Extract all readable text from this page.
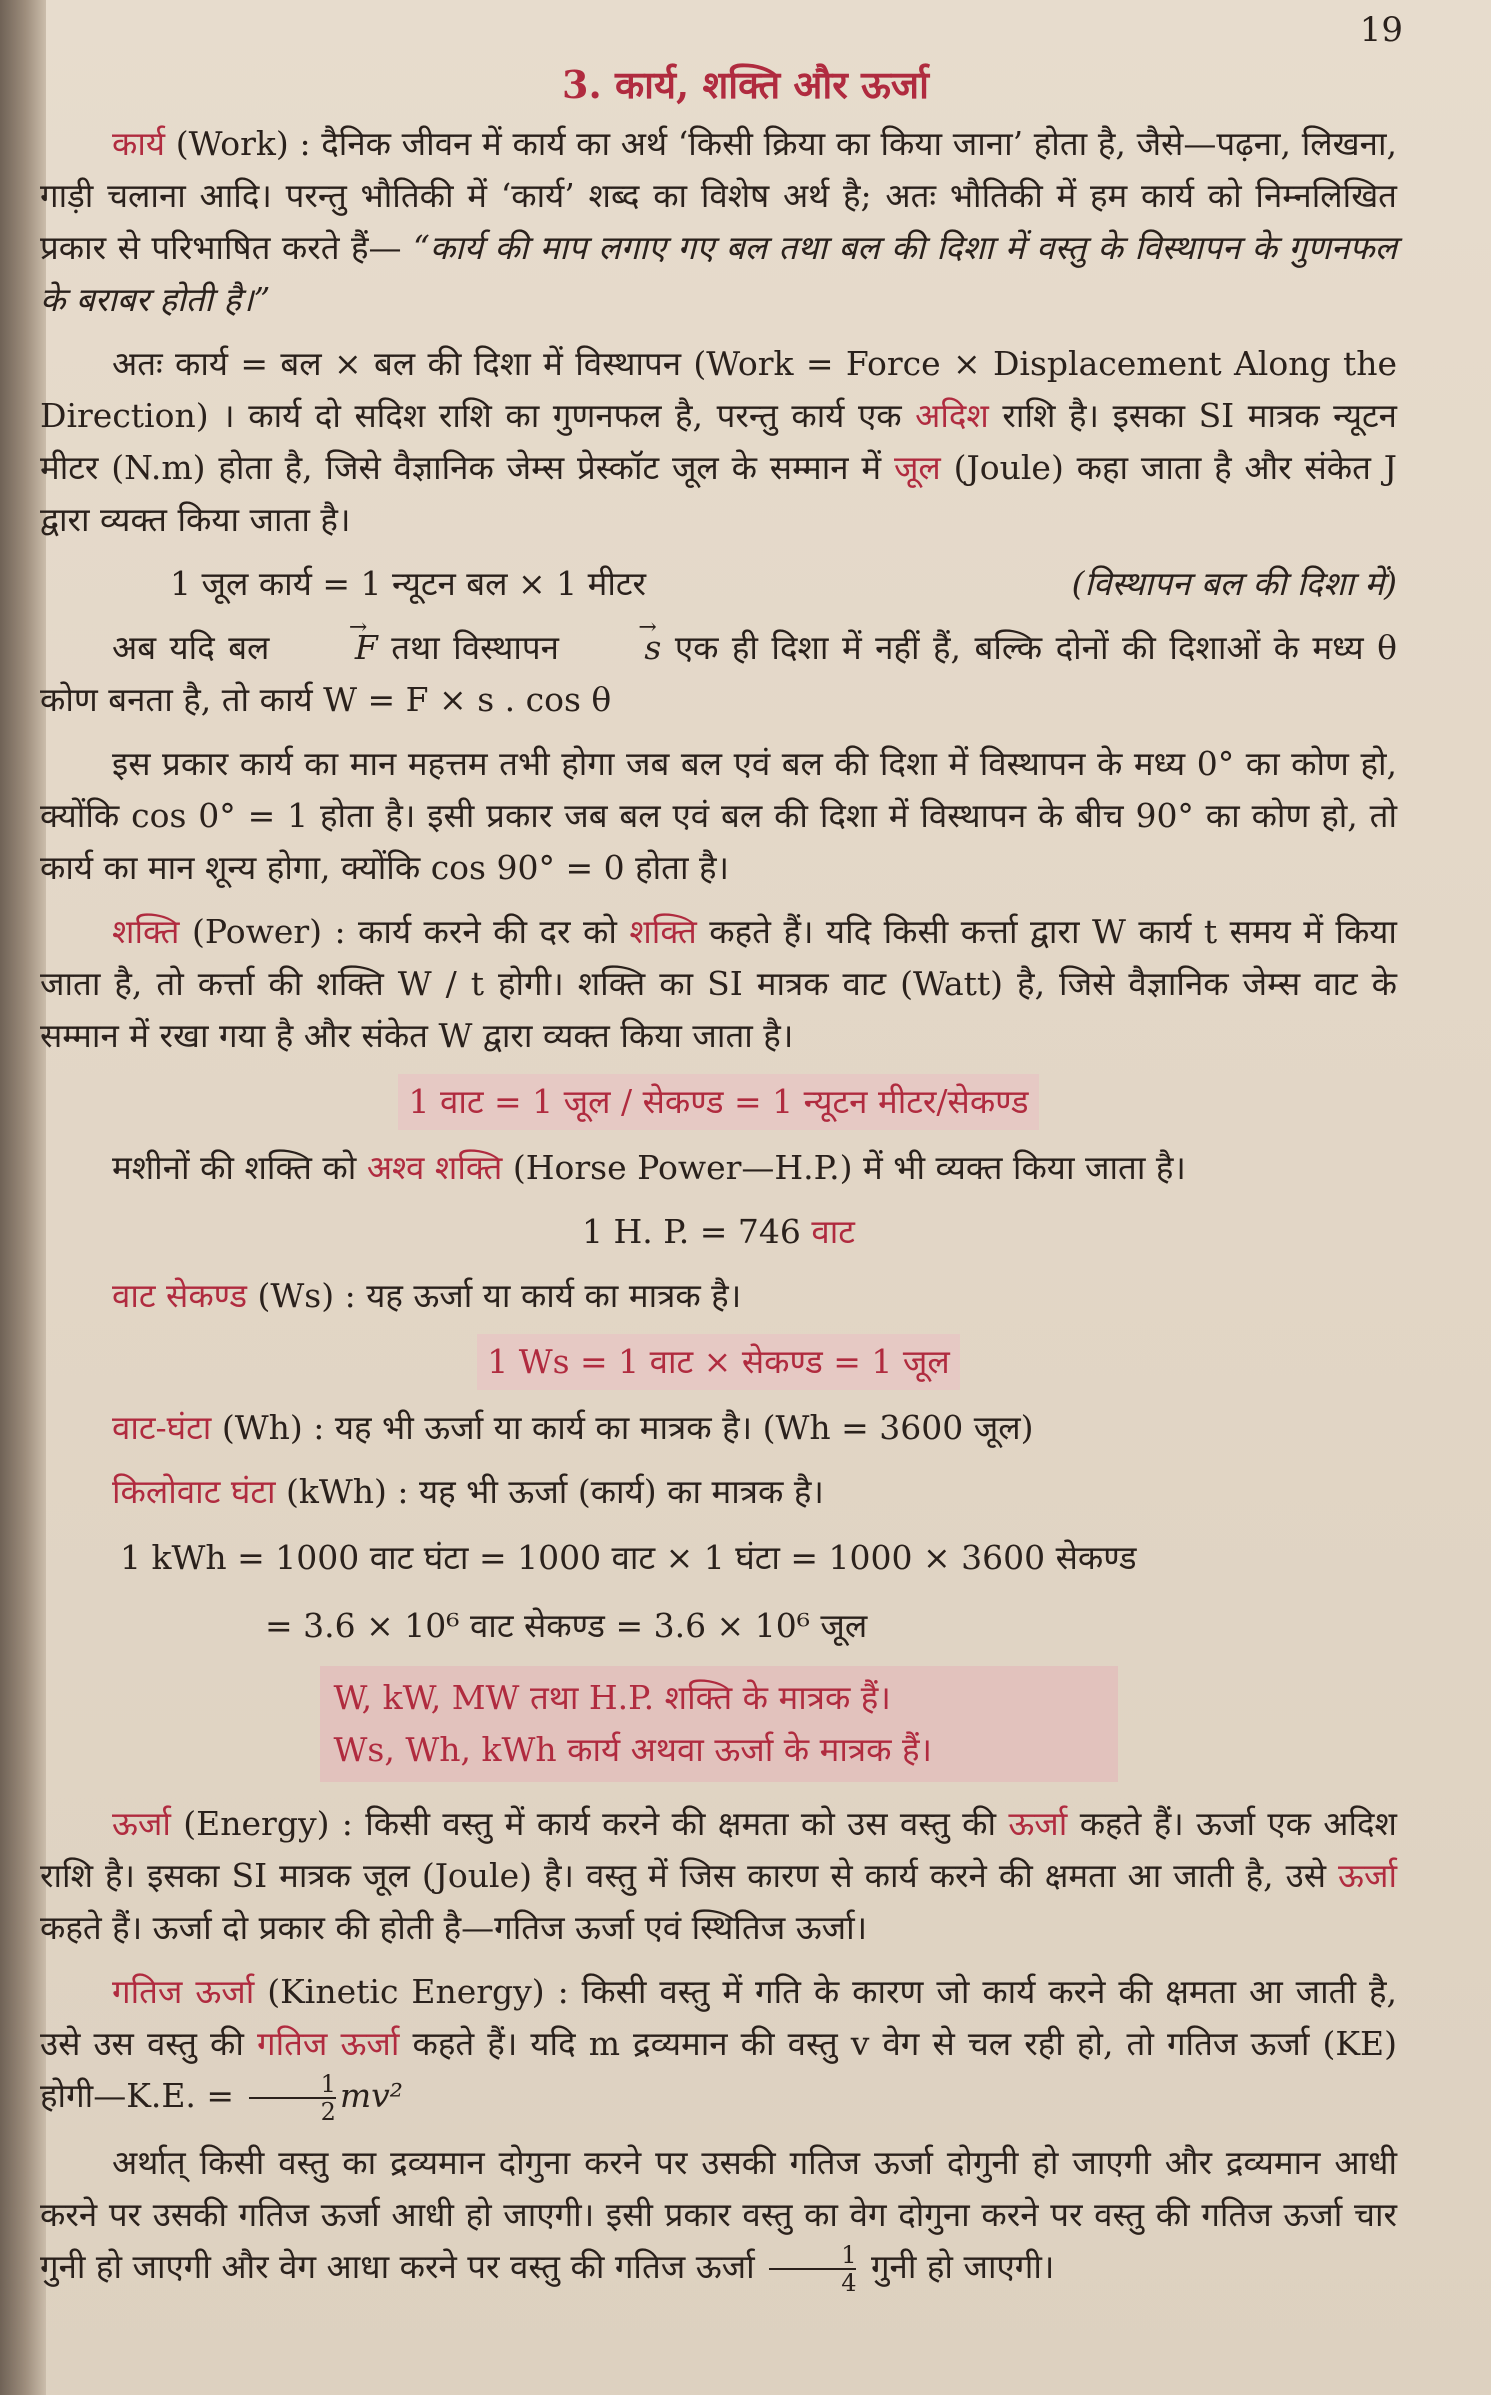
19
3. कार्य, शक्ति और ऊर्जा

कार्य (Work) : दैनिक जीवन में कार्य का अर्थ ‘किसी क्रिया का किया जाना’ होता है, जैसे—पढ़ना, लिखना, गाड़ी चलाना आदि। परन्तु भौतिकी में ‘कार्य’ शब्द का विशेष अर्थ है; अतः भौतिकी में हम कार्य को निम्नलिखित प्रकार से परिभाषित करते हैं— “कार्य की माप लगाए गए बल तथा बल की दिशा में वस्तु के विस्थापन के गुणनफल के बराबर होती है।”

अतः कार्य = बल × बल की दिशा में विस्थापन (Work = Force × Displacement Along the Direction) । कार्य दो सदिश राशि का गुणनफल है, परन्तु कार्य एक अदिश राशि है। इसका SI मात्रक न्यूटन मीटर (N.m) होता है, जिसे वैज्ञानिक जेम्स प्रेस्कॉट जूल के सम्मान में जूल (Joule) कहा जाता है और संकेत J द्वारा व्यक्त किया जाता है।

1 जूल कार्य = 1 न्यूटन बल × 1 मीटर	(विस्थापन बल की दिशा में)

अब यदि बल → F तथा विस्थापन → s एक ही दिशा में नहीं हैं, बल्कि दोनों की दिशाओं के मध्य θ कोण बनता है, तो कार्य W = F × s . cos θ

इस प्रकार कार्य का मान महत्तम तभी होगा जब बल एवं बल की दिशा में विस्थापन के मध्य 0° का कोण हो, क्योंकि cos 0° = 1 होता है। इसी प्रकार जब बल एवं बल की दिशा में विस्थापन के बीच 90° का कोण हो, तो कार्य का मान शून्य होगा, क्योंकि cos 90° = 0 होता है।

शक्ति (Power) : कार्य करने की दर को शक्ति कहते हैं। यदि किसी कर्त्ता द्वारा W कार्य t समय में किया जाता है, तो कर्त्ता की शक्ति W / t होगी। शक्ति का SI मात्रक वाट (Watt) है, जिसे वैज्ञानिक जेम्स वाट के सम्मान में रखा गया है और संकेत W द्वारा व्यक्त किया जाता है।

1 वाट = 1 जूल / सेकण्ड = 1 न्यूटन मीटर/सेकण्ड

मशीनों की शक्ति को अश्व शक्ति (Horse Power—H.P.) में भी व्यक्त किया जाता है।

1 H. P. = 746 वाट

वाट सेकण्ड (Ws) : यह ऊर्जा या कार्य का मात्रक है।

1 Ws = 1 वाट × सेकण्ड = 1 जूल

वाट-घंटा (Wh) : यह भी ऊर्जा या कार्य का मात्रक है। (Wh = 3600 जूल)

किलोवाट घंटा (kWh) : यह भी ऊर्जा (कार्य) का मात्रक है।

1 kWh = 1000 वाट घंटा = 1000 वाट × 1 घंटा = 1000 × 3600 सेकण्ड
= 3.6 × 10⁶ वाट सेकण्ड = 3.6 × 10⁶ जूल
W, kW, MW तथा H.P. शक्ति के मात्रक हैं।
Ws, Wh, kWh कार्य अथवा ऊर्जा के मात्रक हैं।

ऊर्जा (Energy) : किसी वस्तु में कार्य करने की क्षमता को उस वस्तु की ऊर्जा कहते हैं। ऊर्जा एक अदिश राशि है। इसका SI मात्रक जूल (Joule) है। वस्तु में जिस कारण से कार्य करने की क्षमता आ जाती है, उसे ऊर्जा कहते हैं। ऊर्जा दो प्रकार की होती है—गतिज ऊर्जा एवं स्थितिज ऊर्जा।

गतिज ऊर्जा (Kinetic Energy) : किसी वस्तु में गति के कारण जो कार्य करने की क्षमता आ जाती है, उसे उस वस्तु की गतिज ऊर्जा कहते हैं। यदि m द्रव्यमान की वस्तु v वेग से चल रही हो, तो गतिज ऊर्जा (KE) होगी—K.E. = $\frac{1}{2} mv^2$

अर्थात् किसी वस्तु का द्रव्यमान दोगुना करने पर उसकी गतिज ऊर्जा दोगुनी हो जाएगी और द्रव्यमान आधी करने पर उसकी गतिज ऊर्जा आधी हो जाएगी। इसी प्रकार वस्तु का वेग दोगुना करने पर वस्तु की गतिज ऊर्जा चार गुनी हो जाएगी और वेग आधा करने पर वस्तु की गतिज ऊर्जा $\frac{1}{4}$ गुनी हो जाएगी।
